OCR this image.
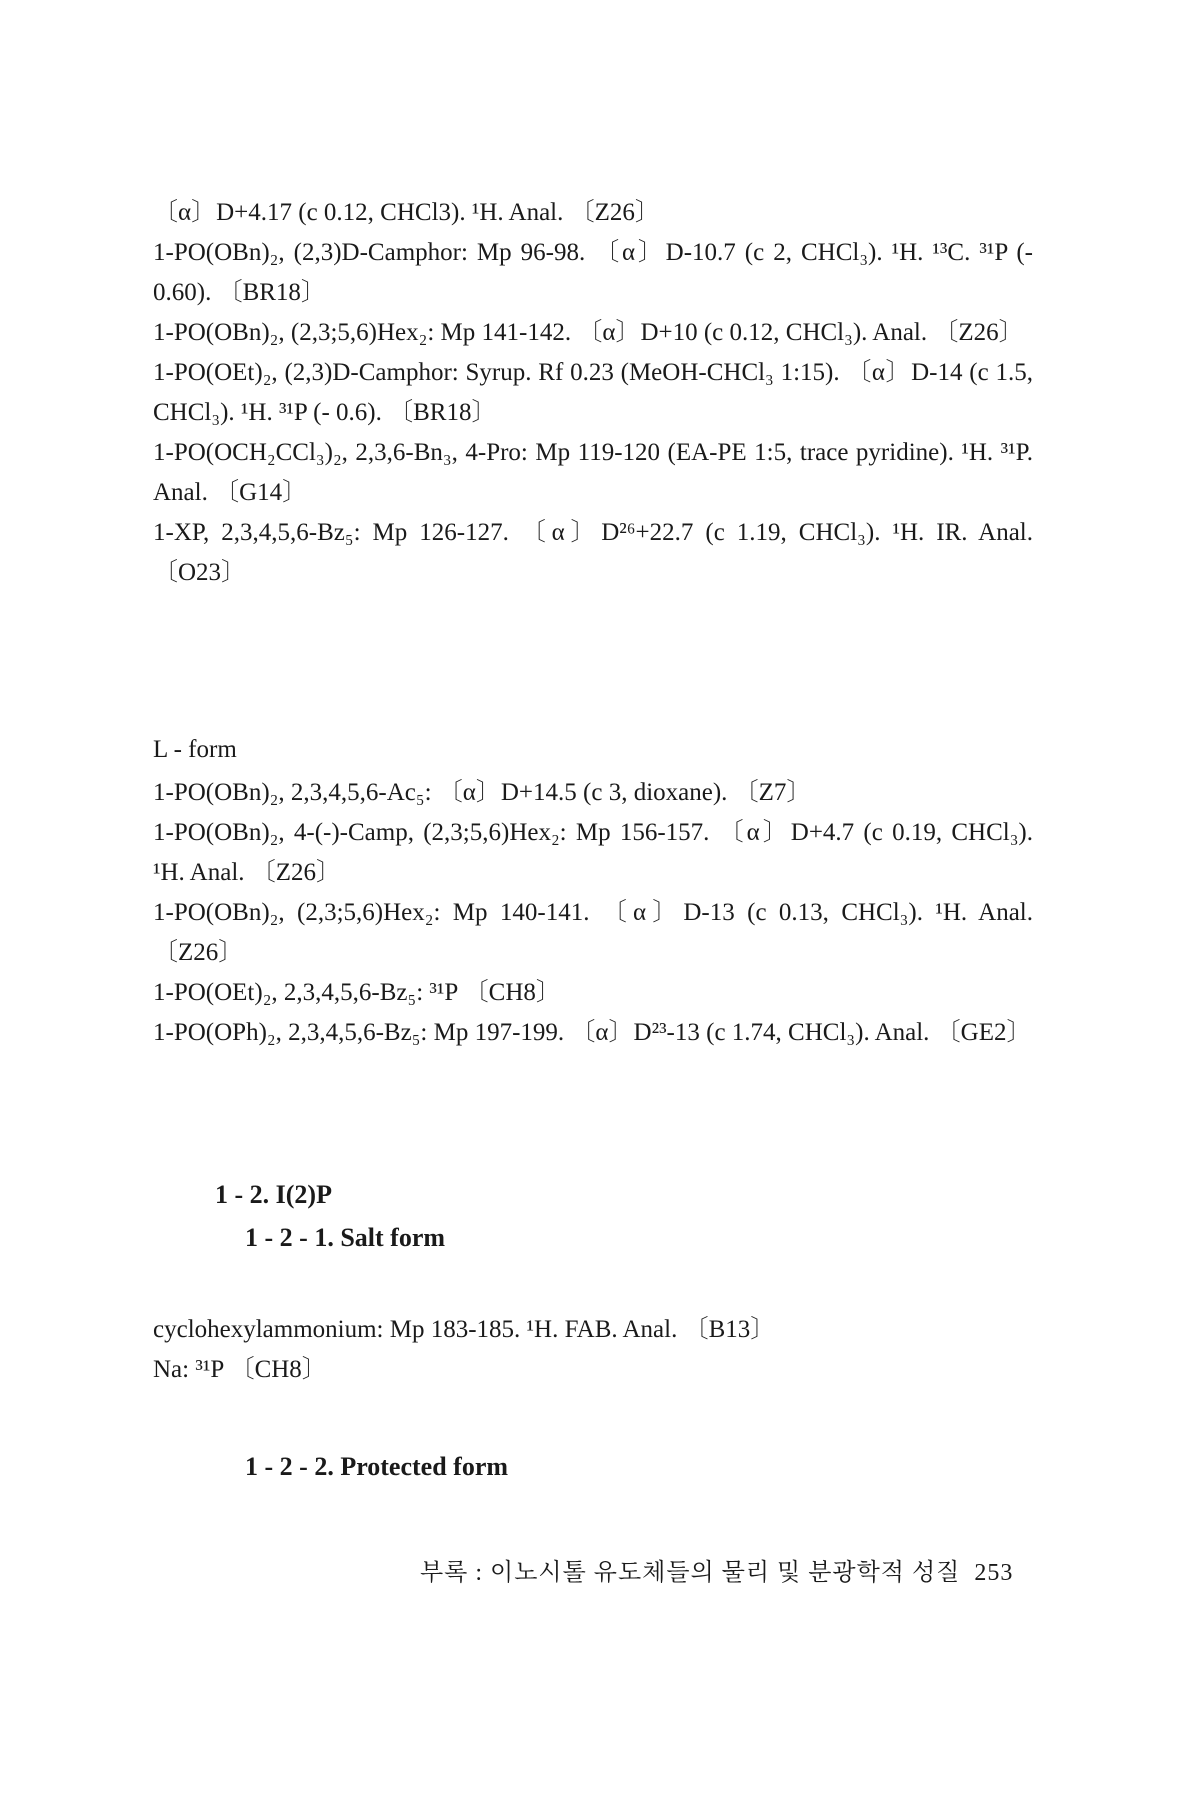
〔α〕D+4.17 (c 0.12, CHCl3). ¹H. Anal. 〔Z26〕

1-PO(OBn)₂, (2,3)D-Camphor: Mp 96-98. 〔α〕D-10.7 (c 2, CHCl₃). ¹H. ¹³C. ³¹P (- 0.60). 〔BR18〕

1-PO(OBn)₂, (2,3;5,6)Hex₂: Mp 141-142. 〔α〕D+10 (c 0.12, CHCl₃). Anal. 〔Z26〕

1-PO(OEt)₂, (2,3)D-Camphor: Syrup. Rf 0.23 (MeOH-CHCl₃ 1:15). 〔α〕D-14 (c 1.5, CHCl₃). ¹H. ³¹P (- 0.6). 〔BR18〕

1-PO(OCH₂CCl₃)₂, 2,3,6-Bn₃, 4-Pro: Mp 119-120 (EA-PE 1:5, trace pyridine). ¹H. ³¹P. Anal. 〔G14〕

1-XP, 2,3,4,5,6-Bz₅: Mp 126-127. 〔α〕D²⁶+22.7 (c 1.19, CHCl₃). ¹H. IR. Anal. 〔O23〕

L - form

1-PO(OBn)₂, 2,3,4,5,6-Ac₅: 〔α〕D+14.5 (c 3, dioxane). 〔Z7〕

1-PO(OBn)₂, 4-(-)-Camp, (2,3;5,6)Hex₂: Mp 156-157. 〔α〕D+4.7 (c 0.19, CHCl₃). ¹H. Anal. 〔Z26〕

1-PO(OBn)₂, (2,3;5,6)Hex₂: Mp 140-141. 〔α〕D-13 (c 0.13, CHCl₃). ¹H. Anal. 〔Z26〕

1-PO(OEt)₂, 2,3,4,5,6-Bz₅: ³¹P 〔CH8〕

1-PO(OPh)₂, 2,3,4,5,6-Bz₅: Mp 197-199. 〔α〕D²³-13 (c 1.74, CHCl₃). Anal. 〔GE2〕

1 - 2. I(2)P
1 - 2 - 1. Salt form

cyclohexylammonium: Mp 183-185. ¹H. FAB. Anal. 〔B13〕

Na: ³¹P 〔CH8〕

1 - 2 - 2. Protected form
부록 : 이노시톨 유도체들의 물리 및 분광학적 성질 253
